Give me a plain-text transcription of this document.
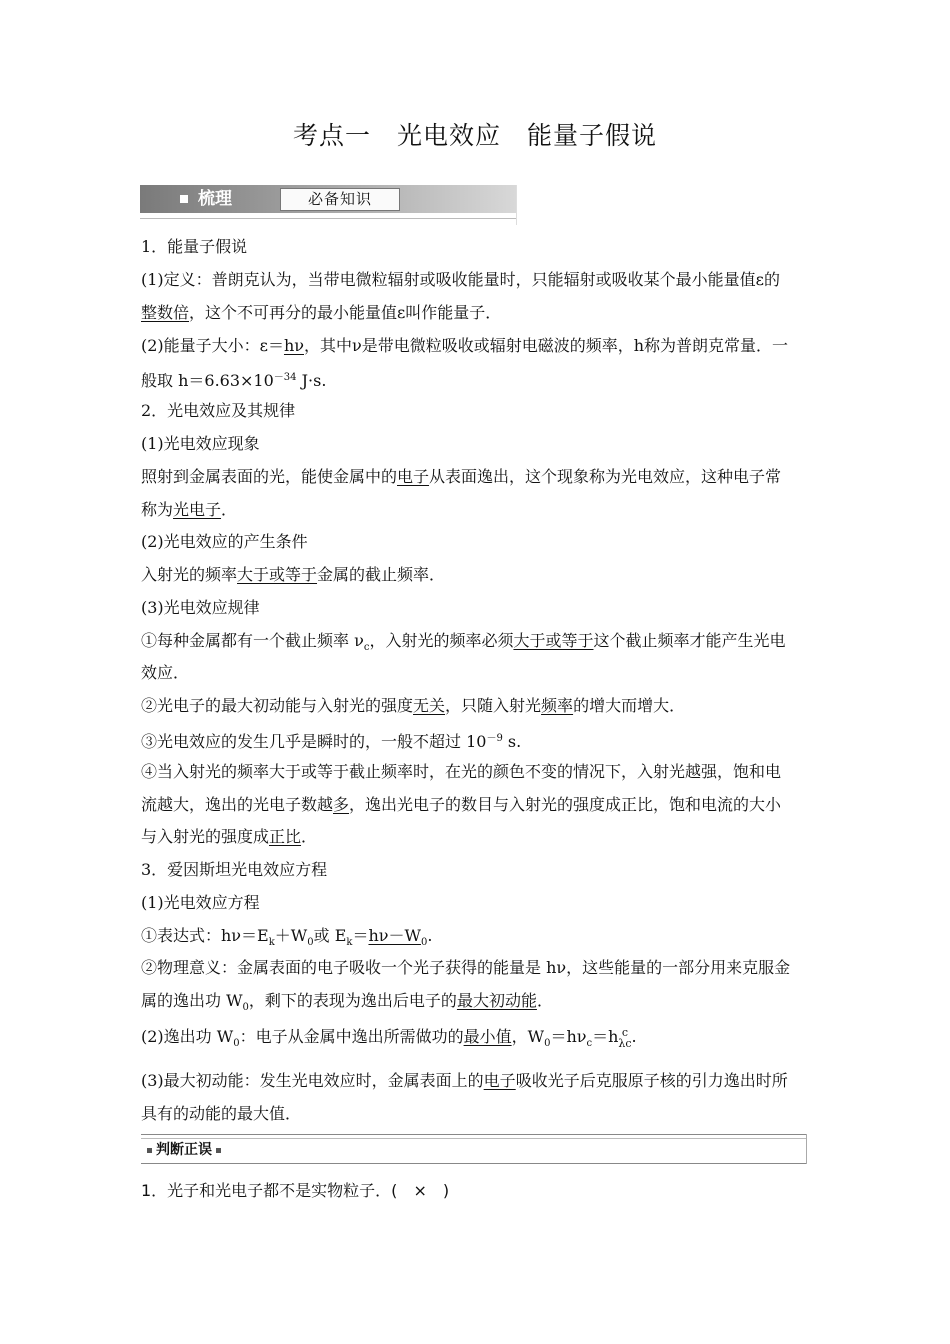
考点一　光电效应　能量子假说
梳理	必备知识
1．能量子假说
(1)定义：普朗克认为，当带电微粒辐射或吸收能量时，只能辐射或吸收某个最小能量值ε的
整数倍，这个不可再分的最小能量值ε叫作能量子．
(2)能量子大小：ε＝hν，其中ν是带电微粒吸收或辐射电磁波的频率，h称为普朗克常量．一
般取 $h=6.63\times 10^{-34}$ J·s.
2．光电效应及其规律
(1)光电效应现象
照射到金属表面的光，能使金属中的电子从表面逸出，这个现象称为光电效应，这种电子常
称为光电子．
(2)光电效应的产生条件
入射光的频率大于或等于金属的截止频率．
(3)光电效应规律
①每种金属都有一个截止频率 $\nu_c$，入射光的频率必须大于或等于这个截止频率才能产生光电
效应．
②光电子的最大初动能与入射光的强度无关，只随入射光频率的增大而增大．
③光电效应的发生几乎是瞬时的，一般不超过 $10^{-9}$ s.
④当入射光的频率大于或等于截止频率时，在光的颜色不变的情况下，入射光越强，饱和电
流越大，逸出的光电子数越多，逸出光电子的数目与入射光的强度成正比，饱和电流的大小
与入射光的强度成正比．
3．爱因斯坦光电效应方程
(1)光电效应方程
①表达式：$h\nu=E_k+W_0$或 $E_k=h\nu-W_0$.
②物理意义：金属表面的电子吸收一个光子获得的能量是 hν，这些能量的一部分用来克服金
属的逸出功 $W_0$，剩下的表现为逸出后电子的最大初动能．
(2)逸出功 $W_0$：电子从金属中逸出所需做功的最小值，$W_0=h\nu_c=h$ c
λc .
(3)最大初动能：发生光电效应时，金属表面上的电子吸收光子后克服原子核的引力逸出时所
具有的动能的最大值．
判断正误
1．光子和光电子都不是实物粒子．(　×　)
